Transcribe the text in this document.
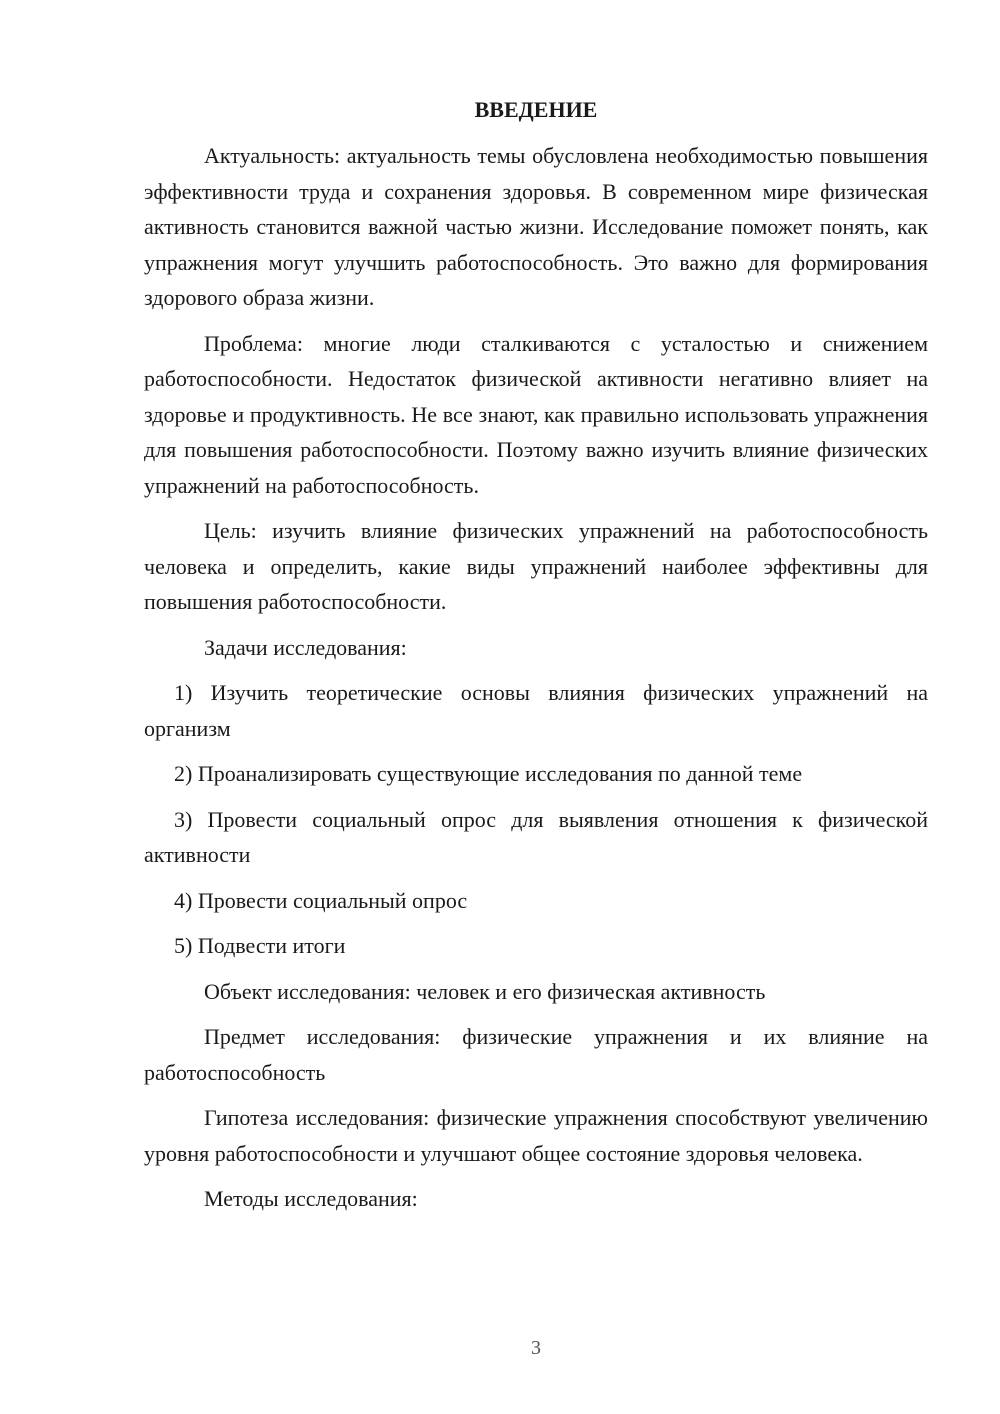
ВВЕДЕНИЕ

Актуальность: актуальность темы обусловлена необходимостью повышения эффективности труда и сохранения здоровья. В современном мире физическая активность становится важной частью жизни. Исследование поможет понять, как упражнения могут улучшить работоспособность. Это важно для формирования здорового образа жизни.

Проблема: многие люди сталкиваются с усталостью и снижением работоспособности. Недостаток физической активности негативно влияет на здоровье и продуктивность. Не все знают, как правильно использовать упражнения для повышения работоспособности. Поэтому важно изучить влияние физических упражнений на работоспособность.

Цель: изучить влияние физических упражнений на работоспособность человека и определить, какие виды упражнений наиболее эффективны для повышения работоспособности.

Задачи исследования:

1) Изучить теоретические основы влияния физических упражнений на организм

2) Проанализировать существующие исследования по данной теме

3) Провести социальный опрос для выявления отношения к физической активности

4) Провести социальный опрос

5) Подвести итоги

Объект исследования: человек и его физическая активность

Предмет исследования: физические упражнения и их влияние на работоспособность

Гипотеза исследования: физические упражнения способствуют увеличению уровня работоспособности и улучшают общее состояние здоровья человека.

Методы исследования:

3
